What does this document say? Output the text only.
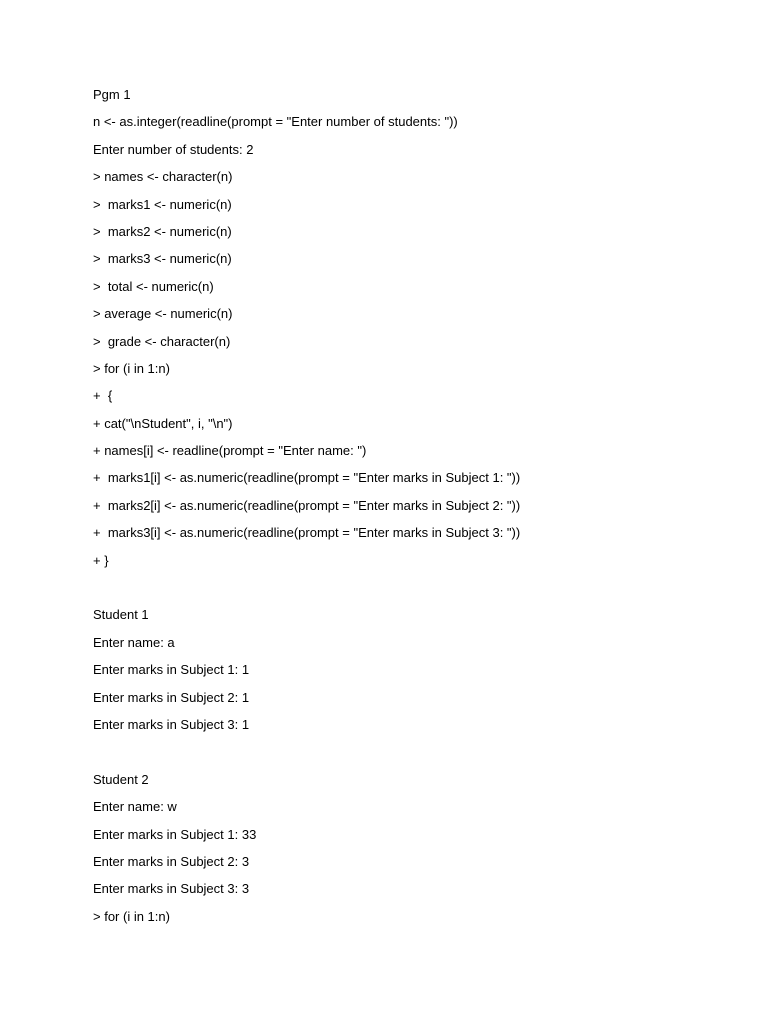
Pgm 1
n <- as.integer(readline(prompt = "Enter number of students: "))
Enter number of students: 2
> names <- character(n)
>  marks1 <- numeric(n)
>  marks2 <- numeric(n)
>  marks3 <- numeric(n)
>  total <- numeric(n)
> average <- numeric(n)
>  grade <- character(n)
> for (i in 1:n)
+  {
+ cat("\nStudent", i, "\n")
+ names[i] <- readline(prompt = "Enter name: ")
+  marks1[i] <- as.numeric(readline(prompt = "Enter marks in Subject 1: "))
+  marks2[i] <- as.numeric(readline(prompt = "Enter marks in Subject 2: "))
+  marks3[i] <- as.numeric(readline(prompt = "Enter marks in Subject 3: "))
+ }
Student 1
Enter name: a
Enter marks in Subject 1: 1
Enter marks in Subject 2: 1
Enter marks in Subject 3: 1
Student 2
Enter name: w
Enter marks in Subject 1: 33
Enter marks in Subject 2: 3
Enter marks in Subject 3: 3
> for (i in 1:n)
